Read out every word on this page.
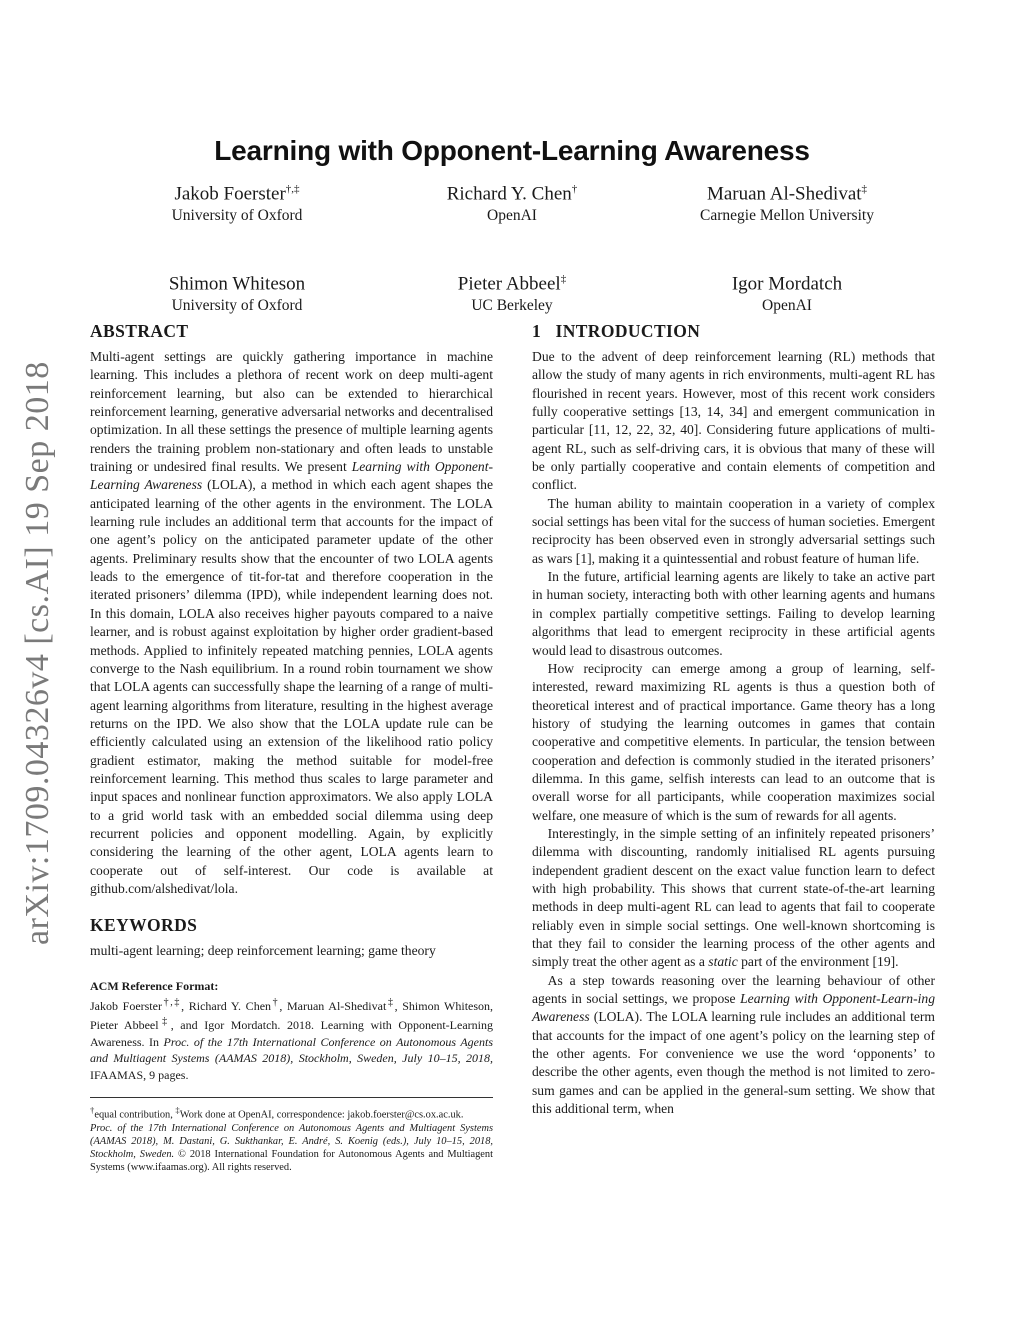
arXiv:1709.04326v4 [cs.AI] 19 Sep 2018
Learning with Opponent-Learning Awareness
Jakob Foerster†,‡
University of Oxford
Richard Y. Chen†
OpenAI
Maruan Al-Shedivat‡
Carnegie Mellon University
Shimon Whiteson
University of Oxford
Pieter Abbeel‡
UC Berkeley
Igor Mordatch
OpenAI
ABSTRACT

Multi-agent settings are quickly gathering importance in machine learning. This includes a plethora of recent work on deep multi-agent reinforcement learning, but also can be extended to hierarchical reinforcement learning, generative adversarial networks and decentralised optimization. In all these settings the presence of multiple learning agents renders the training problem non-stationary and often leads to unstable training or undesired final results. We present Learning with Opponent-Learning Awareness (LOLA), a method in which each agent shapes the anticipated learning of the other agents in the environment. The LOLA learning rule includes an additional term that accounts for the impact of one agent’s policy on the anticipated parameter update of the other agents. Preliminary results show that the encounter of two LOLA agents leads to the emergence of tit-for-tat and therefore cooperation in the iterated prisoners’ dilemma (IPD), while independent learning does not. In this domain, LOLA also receives higher payouts compared to a naive learner, and is robust against exploitation by higher order gradient-based methods. Applied to infinitely repeated matching pennies, LOLA agents converge to the Nash equilibrium. In a round robin tournament we show that LOLA agents can successfully shape the learning of a range of multi-agent learning algorithms from literature, resulting in the highest average returns on the IPD. We also show that the LOLA update rule can be efficiently calculated using an extension of the likelihood ratio policy gradient estimator, making the method suitable for model-free reinforcement learning. This method thus scales to large parameter and input spaces and nonlinear function approximators. We also apply LOLA to a grid world task with an embedded social dilemma using deep recurrent policies and opponent modelling. Again, by explicitly considering the learning of the other agent, LOLA agents learn to cooperate out of self-interest. Our code is available at github.com/alshedivat/lola.

KEYWORDS

multi-agent learning; deep reinforcement learning; game theory

ACM Reference Format:

Jakob Foerster†,‡, Richard Y. Chen†, Maruan Al-Shedivat‡, Shimon Whiteson, Pieter Abbeel‡, and Igor Mordatch. 2018. Learning with Opponent-Learning Awareness. In Proc. of the 17th International Conference on Autonomous Agents and Multiagent Systems (AAMAS 2018), Stockholm, Sweden, July 10–15, 2018, IFAAMAS, 9 pages.

†equal contribution, ‡Work done at OpenAI, correspondence: jakob.foerster@cs.ox.ac.uk.

Proc. of the 17th International Conference on Autonomous Agents and Multiagent Systems (AAMAS 2018), M. Dastani, G. Sukthankar, E. André, S. Koenig (eds.), July 10–15, 2018, Stockholm, Sweden. © 2018 International Foundation for Autonomous Agents and Multiagent Systems (www.ifaamas.org). All rights reserved.

1 INTRODUCTION

Due to the advent of deep reinforcement learning (RL) methods that allow the study of many agents in rich environments, multi-agent RL has flourished in recent years. However, most of this recent work considers fully cooperative settings [13, 14, 34] and emergent communication in particular [11, 12, 22, 32, 40]. Considering future applications of multi-agent RL, such as self-driving cars, it is obvious that many of these will be only partially cooperative and contain elements of competition and conflict.

The human ability to maintain cooperation in a variety of complex social settings has been vital for the success of human societies. Emergent reciprocity has been observed even in strongly adversarial settings such as wars [1], making it a quintessential and robust feature of human life.

In the future, artificial learning agents are likely to take an active part in human society, interacting both with other learning agents and humans in complex partially competitive settings. Failing to develop learning algorithms that lead to emergent reciprocity in these artificial agents would lead to disastrous outcomes.

How reciprocity can emerge among a group of learning, self-interested, reward maximizing RL agents is thus a question both of theoretical interest and of practical importance. Game theory has a long history of studying the learning outcomes in games that contain cooperative and competitive elements. In particular, the tension between cooperation and defection is commonly studied in the iterated prisoners’ dilemma. In this game, selfish interests can lead to an outcome that is overall worse for all participants, while cooperation maximizes social welfare, one measure of which is the sum of rewards for all agents.

Interestingly, in the simple setting of an infinitely repeated prisoners’ dilemma with discounting, randomly initialised RL agents pursuing independent gradient descent on the exact value function learn to defect with high probability. This shows that current state-of-the-art learning methods in deep multi-agent RL can lead to agents that fail to cooperate reliably even in simple social settings. One well-known shortcoming is that they fail to consider the learning process of the other agents and simply treat the other agent as a static part of the environment [19].

As a step towards reasoning over the learning behaviour of other agents in social settings, we propose Learning with Opponent-Learn-ing Awareness (LOLA). The LOLA learning rule includes an additional term that accounts for the impact of one agent’s policy on the learning step of the other agents. For convenience we use the word ‘opponents’ to describe the other agents, even though the method is not limited to zero-sum games and can be applied in the general-sum setting. We show that this additional term, when
